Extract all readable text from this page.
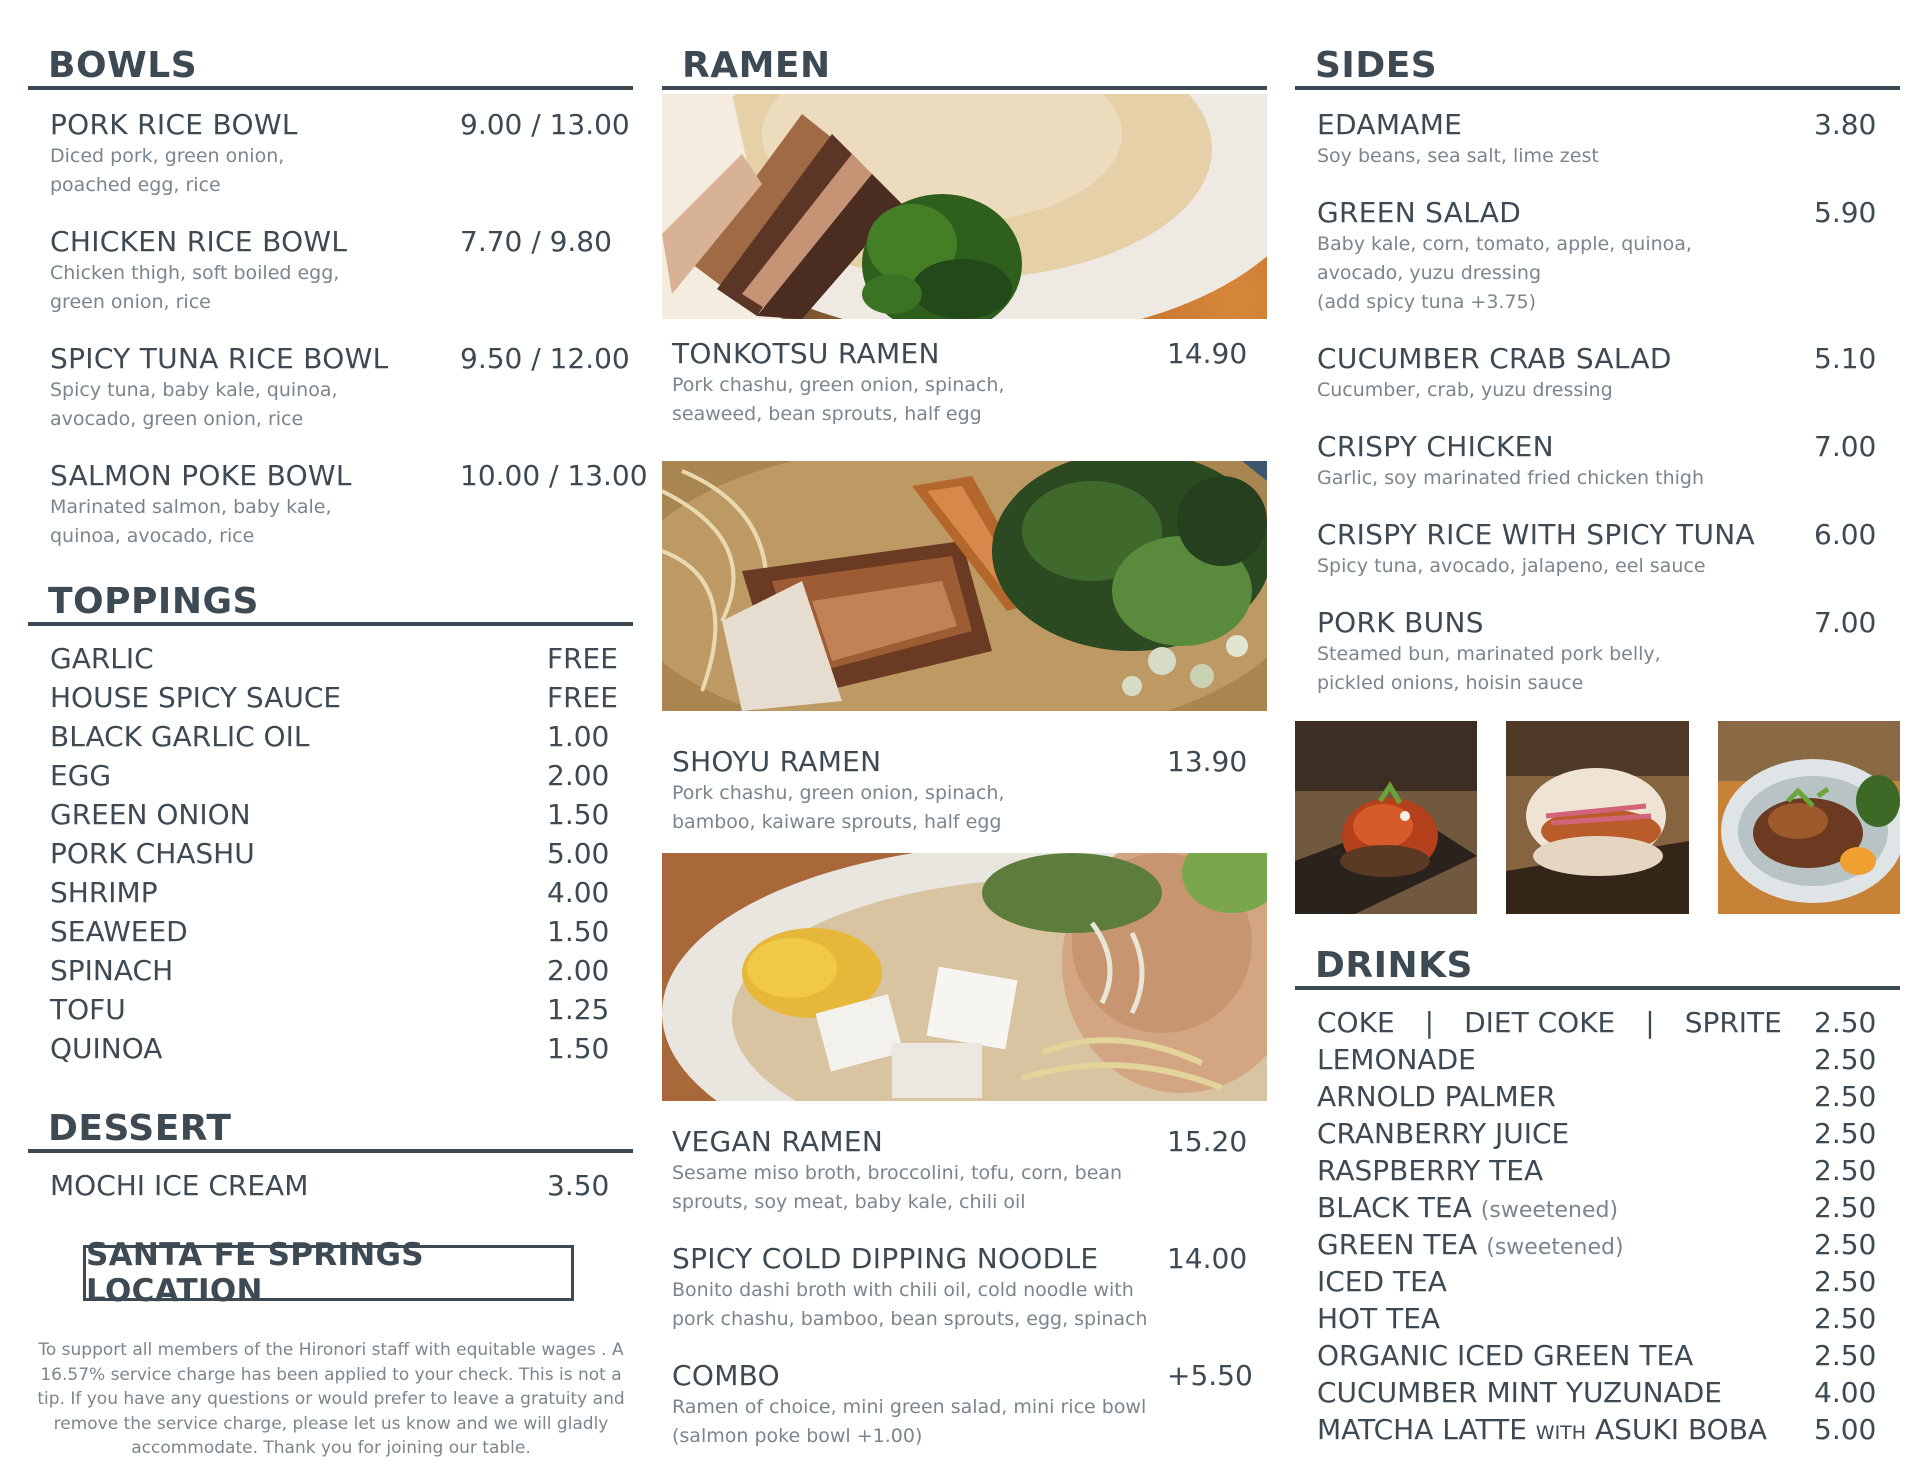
BOWLS
PORK RICE BOWL
Diced pork, green onion,
poached egg, rice
9.00 / 13.00
CHICKEN RICE BOWL
Chicken thigh, soft boiled egg,
green onion, rice
7.70 / 9.80
SPICY TUNA RICE BOWL
Spicy tuna, baby kale, quinoa,
avocado, green onion, rice
9.50 / 12.00
SALMON POKE BOWL
Marinated salmon, baby kale,
quinoa, avocado, rice
10.00 / 13.00
TOPPINGS
GARLIC	FREE
HOUSE SPICY SAUCE	FREE
BLACK GARLIC OIL	1.00
EGG	2.00
GREEN ONION	1.50
PORK CHASHU	5.00
SHRIMP	4.00
SEAWEED	1.50
SPINACH	2.00
TOFU	1.25
QUINOA	1.50
DESSERT
MOCHI ICE CREAM	3.50
SANTA FE SPRINGS LOCATION
To support all members of the Hironori staff with equitable wages . A 16.57% service charge has been applied to your check. This is not a tip. If you have any questions or would prefer to leave a gratuity and remove the service charge, please let us know and we will gladly accommodate. Thank you for joining our table.
RAMEN
TONKOTSU RAMEN
Pork chashu, green onion, spinach,
seaweed, bean sprouts, half egg
14.90
SHOYU RAMEN
Pork chashu, green onion, spinach,
bamboo, kaiware sprouts, half egg
13.90
VEGAN RAMEN
Sesame miso broth, broccolini, tofu, corn, bean
sprouts, soy meat, baby kale, chili oil
15.20
SPICY COLD DIPPING NOODLE
Bonito dashi broth with chili oil, cold noodle with
pork chashu, bamboo, bean sprouts, egg, spinach
14.00
COMBO
Ramen of choice, mini green salad, mini rice bowl
(salmon poke bowl +1.00)
+5.50
SIDES
EDAMAME
Soy beans, sea salt, lime zest
3.80
GREEN SALAD
Baby kale, corn, tomato, apple, quinoa,
avocado, yuzu dressing
(add spicy tuna +3.75)
5.90
CUCUMBER CRAB SALAD
Cucumber, crab, yuzu dressing
5.10
CRISPY CHICKEN
Garlic, soy marinated fried chicken thigh
7.00
CRISPY RICE WITH SPICY TUNA
Spicy tuna, avocado, jalapeno, eel sauce
6.00
PORK BUNS
Steamed bun, marinated pork belly,
pickled onions, hoisin sauce
7.00
DRINKS
COKE | DIET COKE | SPRITE 2.50
LEMONADE	2.50
ARNOLD PALMER	2.50
CRANBERRY JUICE	2.50
RASPBERRY TEA	2.50
BLACK TEA (sweetened)	2.50
GREEN TEA (sweetened)	2.50
ICED TEA	2.50
HOT TEA	2.50
ORGANIC ICED GREEN TEA	2.50
CUCUMBER MINT YUZUNADE	4.00
MATCHA LATTE WITH ASUKI BOBA 5.00
